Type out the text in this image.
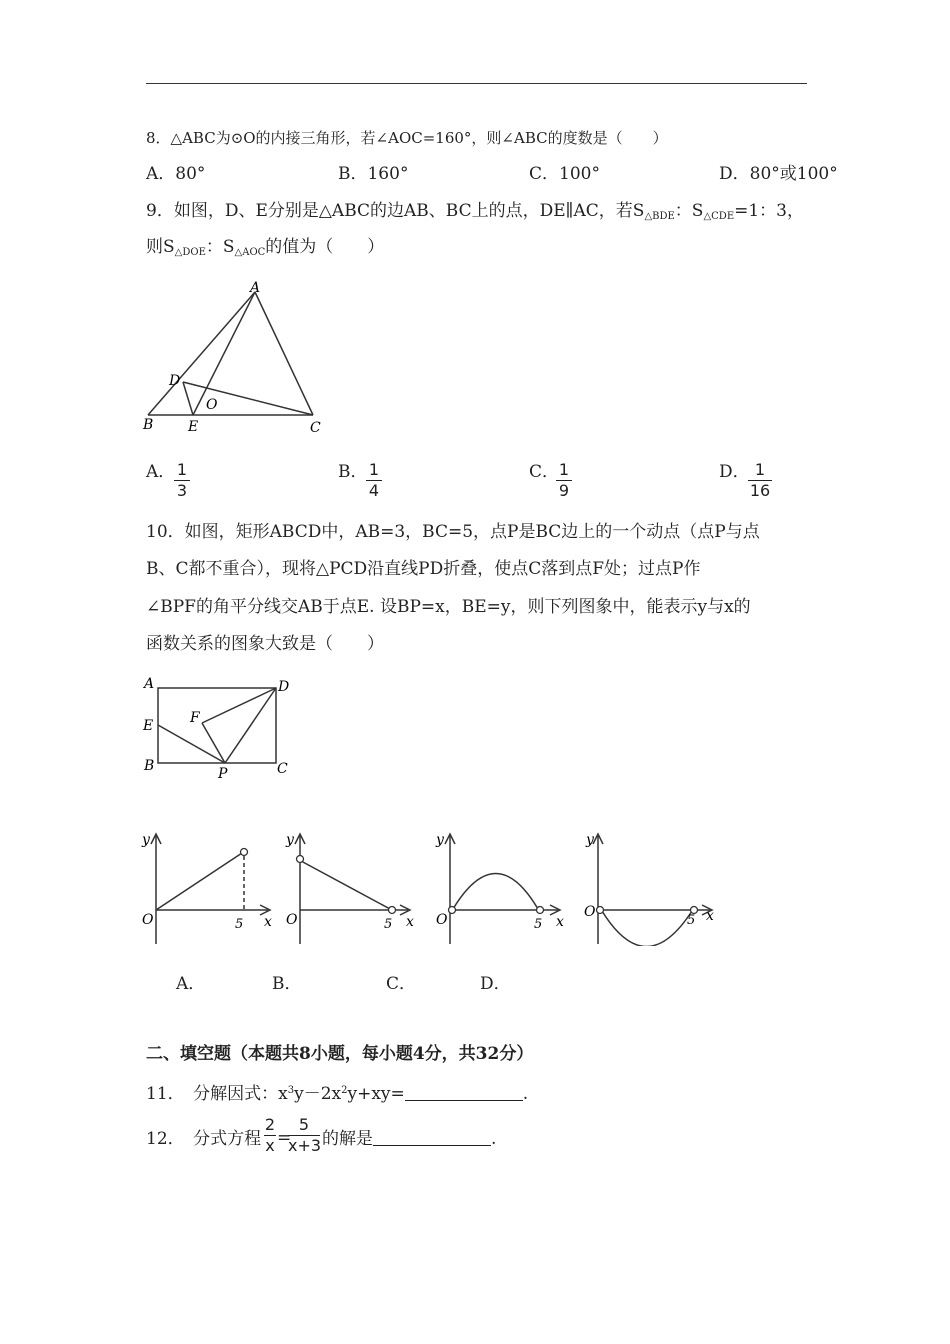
8．△ABC为⊙O的内接三角形，若∠AOC=160°，则∠ABC的度数是（　　）
A．80°	B．160°	C．100°	D．80°或100°
9．如图，D、E分别是△ABC的边AB、BC上的点，DE∥AC，若$S_{\triangle BDE}$：$S_{\triangle CDE}=1$：3，
则$S_{\triangle DOE}$：$S_{\triangle AOC}$的值为（　　）
A
B	C
D
E
O
A． 1
3
B． 1
4
C． 1
9
D． 1
16
10．如图，矩形ABCD中，AB=3，BC=5，点P是BC边上的一个动点（点P与点
B、C都不重合），现将△PCD沿直线PD折叠，使点C落到点F处；过点P作
∠BPF的角平分线交AB于点E. 设BP=x，BE=y，则下列图象中，能表示y与x的
函数关系的图象大致是（　　）
A	D
E	F
B	P	C
y
O	5 x
y
O	5 x
y
O	5 x
y
O
5 x
A．	B．	C．	D．
二、填空题（本题共8小题，每小题4分，共32分）
11．　分解因式：$x^3y-2x^2y+xy=$	.
12．　分式方程
2
x =
5
x+3 的解是	.
